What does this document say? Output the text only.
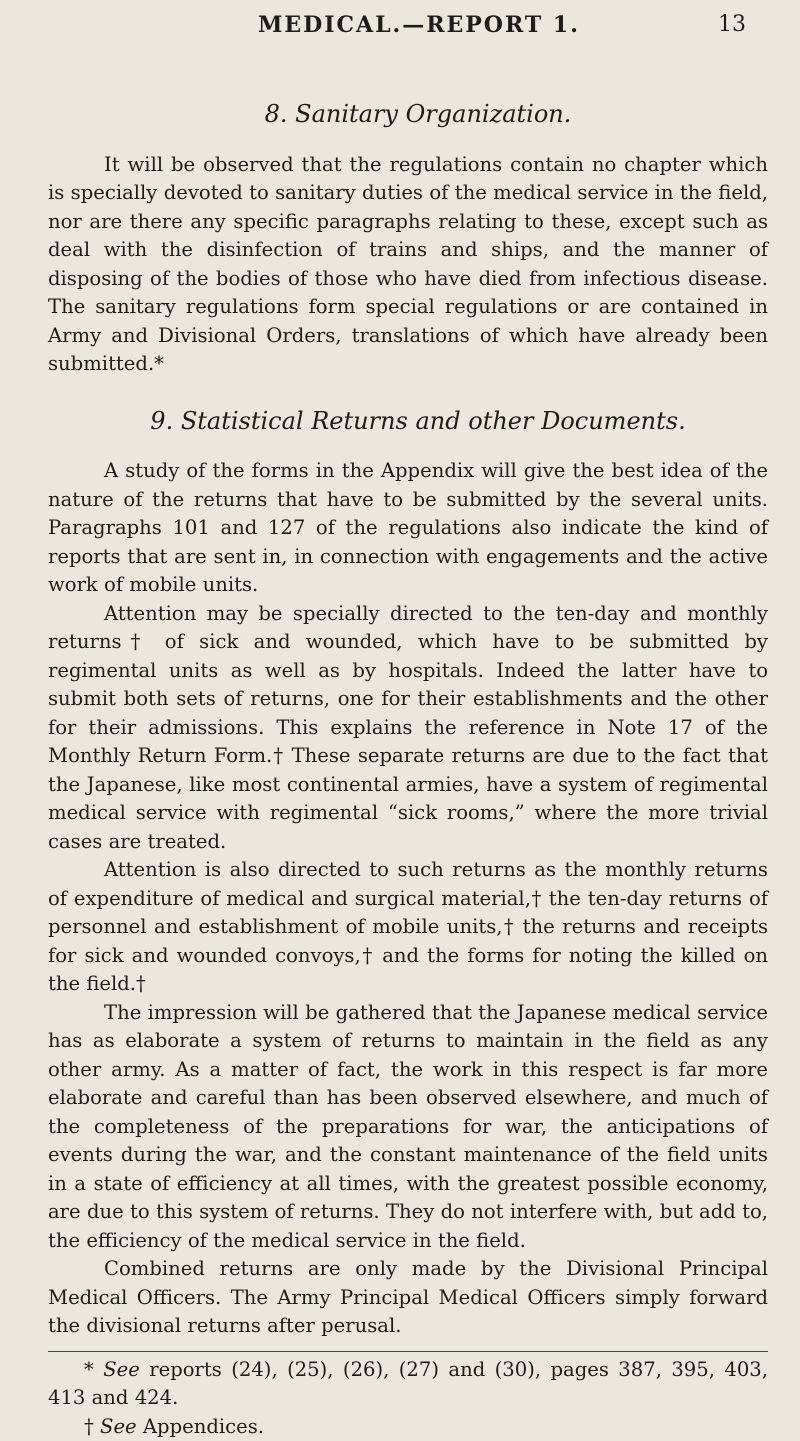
MEDICAL.—REPORT 1.	13
8. Sanitary Organization.

It will be observed that the regulations contain no chapter which is specially devoted to sanitary duties of the medical service in the field, nor are there any specific paragraphs relating to these, except such as deal with the disinfection of trains and ships, and the manner of disposing of the bodies of those who have died from infectious disease. The sanitary regulations form special regulations or are contained in Army and Divisional Orders, translations of which have already been submitted.*

9. Statistical Returns and other Documents.

A study of the forms in the Appendix will give the best idea of the nature of the returns that have to be submitted by the several units. Paragraphs 101 and 127 of the regulations also indicate the kind of reports that are sent in, in connection with engagements and the active work of mobile units.

Attention may be specially directed to the ten-day and monthly returns† of sick and wounded, which have to be submitted by regimental units as well as by hospitals. Indeed the latter have to submit both sets of returns, one for their establishments and the other for their admissions. This explains the reference in Note 17 of the Monthly Return Form.† These separate returns are due to the fact that the Japanese, like most continental armies, have a system of regimental medical service with regimental “sick rooms,” where the more trivial cases are treated.

Attention is also directed to such returns as the monthly returns of expenditure of medical and surgical material,† the ten-day returns of personnel and establishment of mobile units,† the returns and receipts for sick and wounded convoys,† and the forms for noting the killed on the field.†

The impression will be gathered that the Japanese medical service has as elaborate a system of returns to maintain in the field as any other army. As a matter of fact, the work in this respect is far more elaborate and careful than has been observed elsewhere, and much of the completeness of the preparations for war, the anticipations of events during the war, and the constant maintenance of the field units in a state of efficiency at all times, with the greatest possible economy, are due to this system of returns. They do not interfere with, but add to, the efficiency of the medical service in the field.

Combined returns are only made by the Divisional Principal Medical Officers. The Army Principal Medical Officers simply forward the divisional returns after perusal.

* See reports (24), (25), (26), (27) and (30), pages 387, 395, 403, 413 and 424.

† See Appendices.
